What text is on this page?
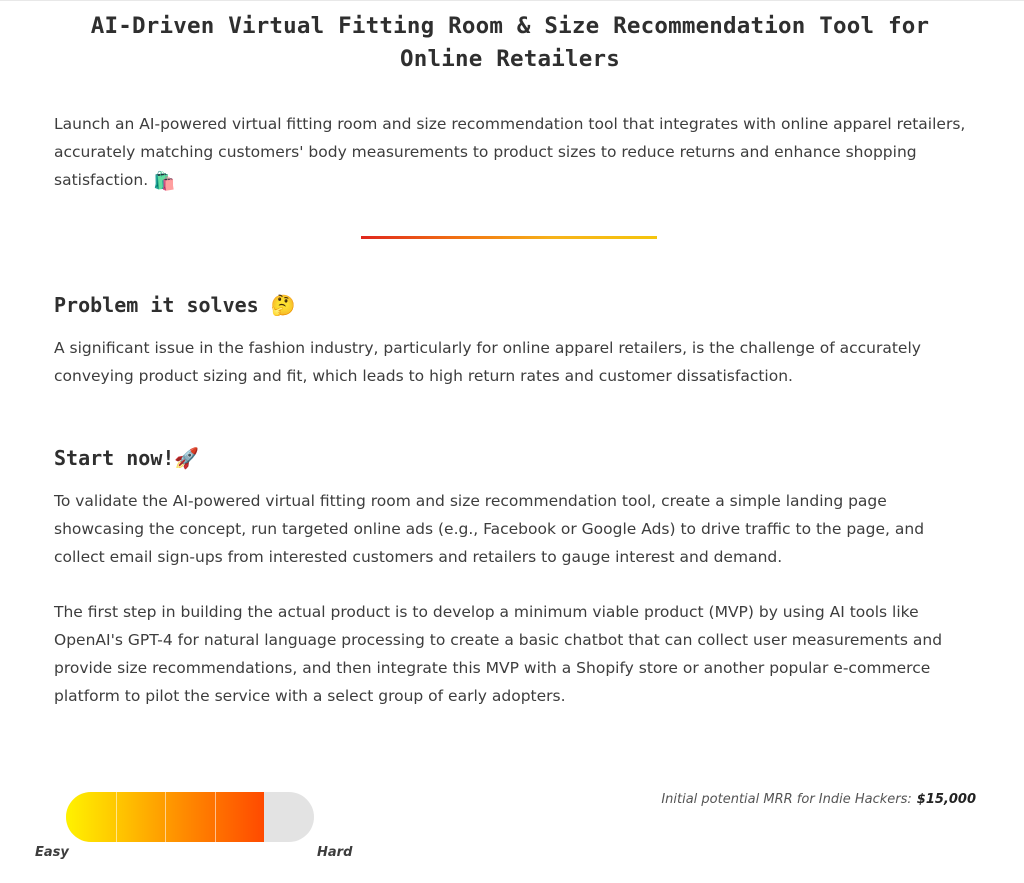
AI-Driven Virtual Fitting Room & Size Recommendation Tool for Online Retailers

Launch an AI-powered virtual fitting room and size recommendation tool that integrates with online apparel retailers, accurately matching customers' body measurements to product sizes to reduce returns and enhance shopping satisfaction. 🛍️

Problem it solves 🤔

A significant issue in the fashion industry, particularly for online apparel retailers, is the challenge of accurately conveying product sizing and fit, which leads to high return rates and customer dissatisfaction.

Start now!🚀

To validate the AI-powered virtual fitting room and size recommendation tool, create a simple landing page showcasing the concept, run targeted online ads (e.g., Facebook or Google Ads) to drive traffic to the page, and collect email sign-ups from interested customers and retailers to gauge interest and demand.

The first step in building the actual product is to develop a minimum viable product (MVP) by using AI tools like OpenAI's GPT-4 for natural language processing to create a basic chatbot that can collect user measurements and provide size recommendations, and then integrate this MVP with a Shopify store or another popular e-commerce platform to pilot the service with a select group of early adopters.

Easy	Hard
Initial potential MRR for Indie Hackers: $15,000
